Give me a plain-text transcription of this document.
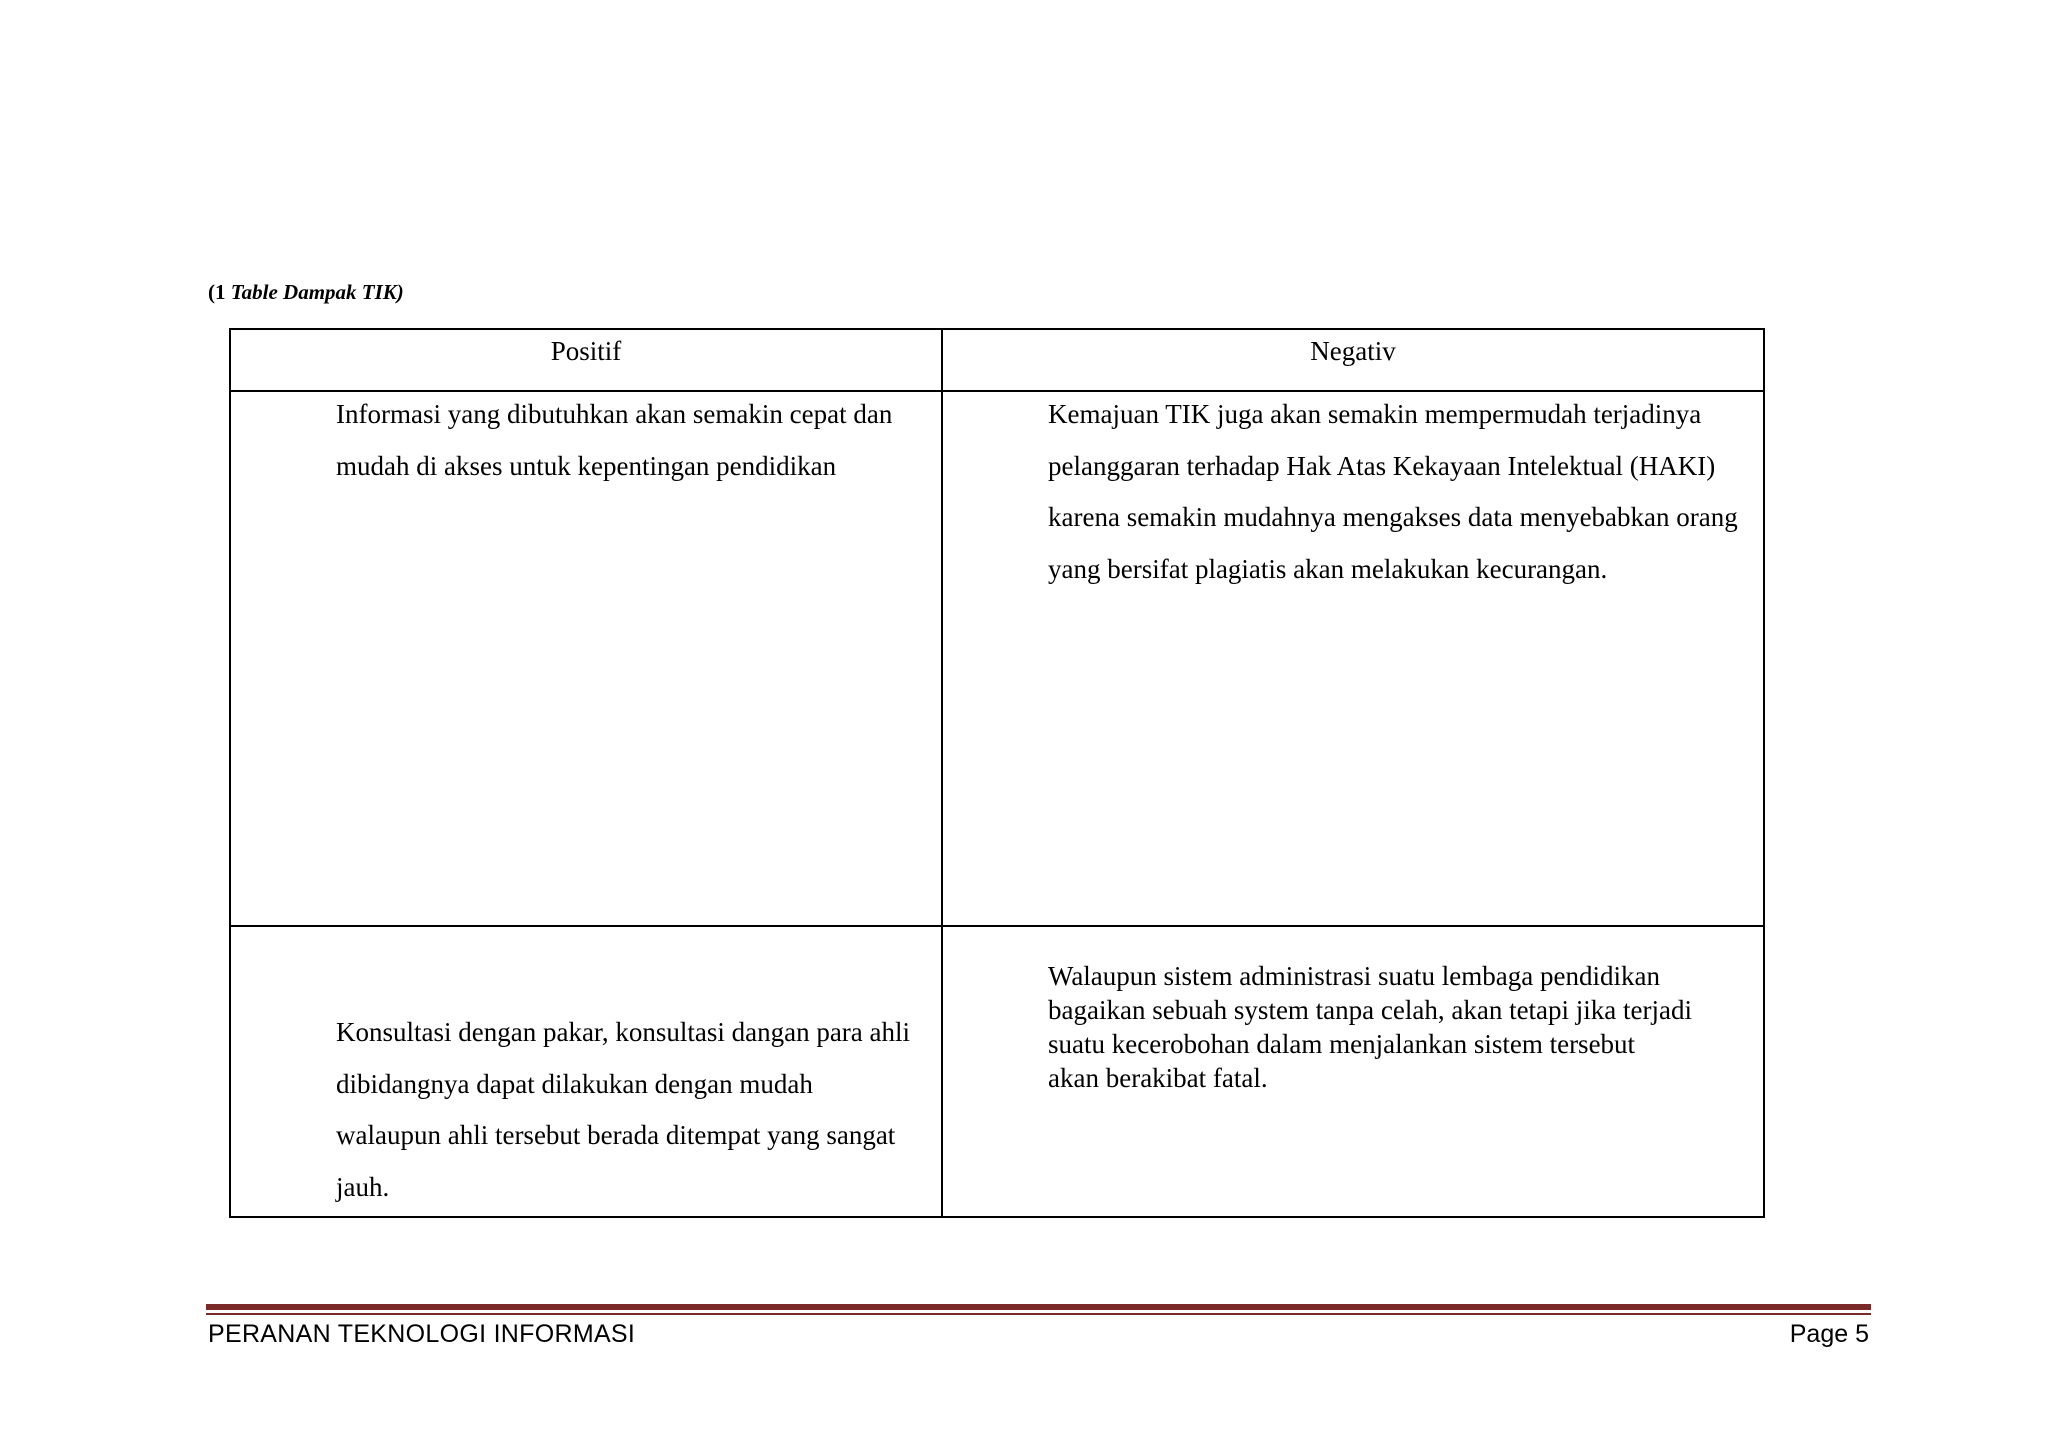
(1 Table Dampak TIK)
Positif	Negativ

Informasi yang dibutuhkan akan semakin cepat dan mudah di akses untuk kepentingan pendidikan	Kemajuan TIK juga akan semakin mempermudah terjadinya pelanggaran terhadap Hak Atas Kekayaan Intelektual (HAKI) karena semakin mudahnya mengakses data menyebabkan orang yang bersifat plagiatis akan melakukan kecurangan.

Konsultasi dengan pakar, konsultasi dangan para ahli dibidangnya dapat dilakukan dengan mudah walaupun ahli tersebut berada ditempat yang sangat jauh.	Walaupun sistem administrasi suatu lembaga pendidikan
bagaikan sebuah system tanpa celah, akan tetapi jika terjadi
suatu kecerobohan dalam menjalankan sistem tersebut
akan berakibat fatal.
PERANAN TEKNOLOGI INFORMASI	Page 5
